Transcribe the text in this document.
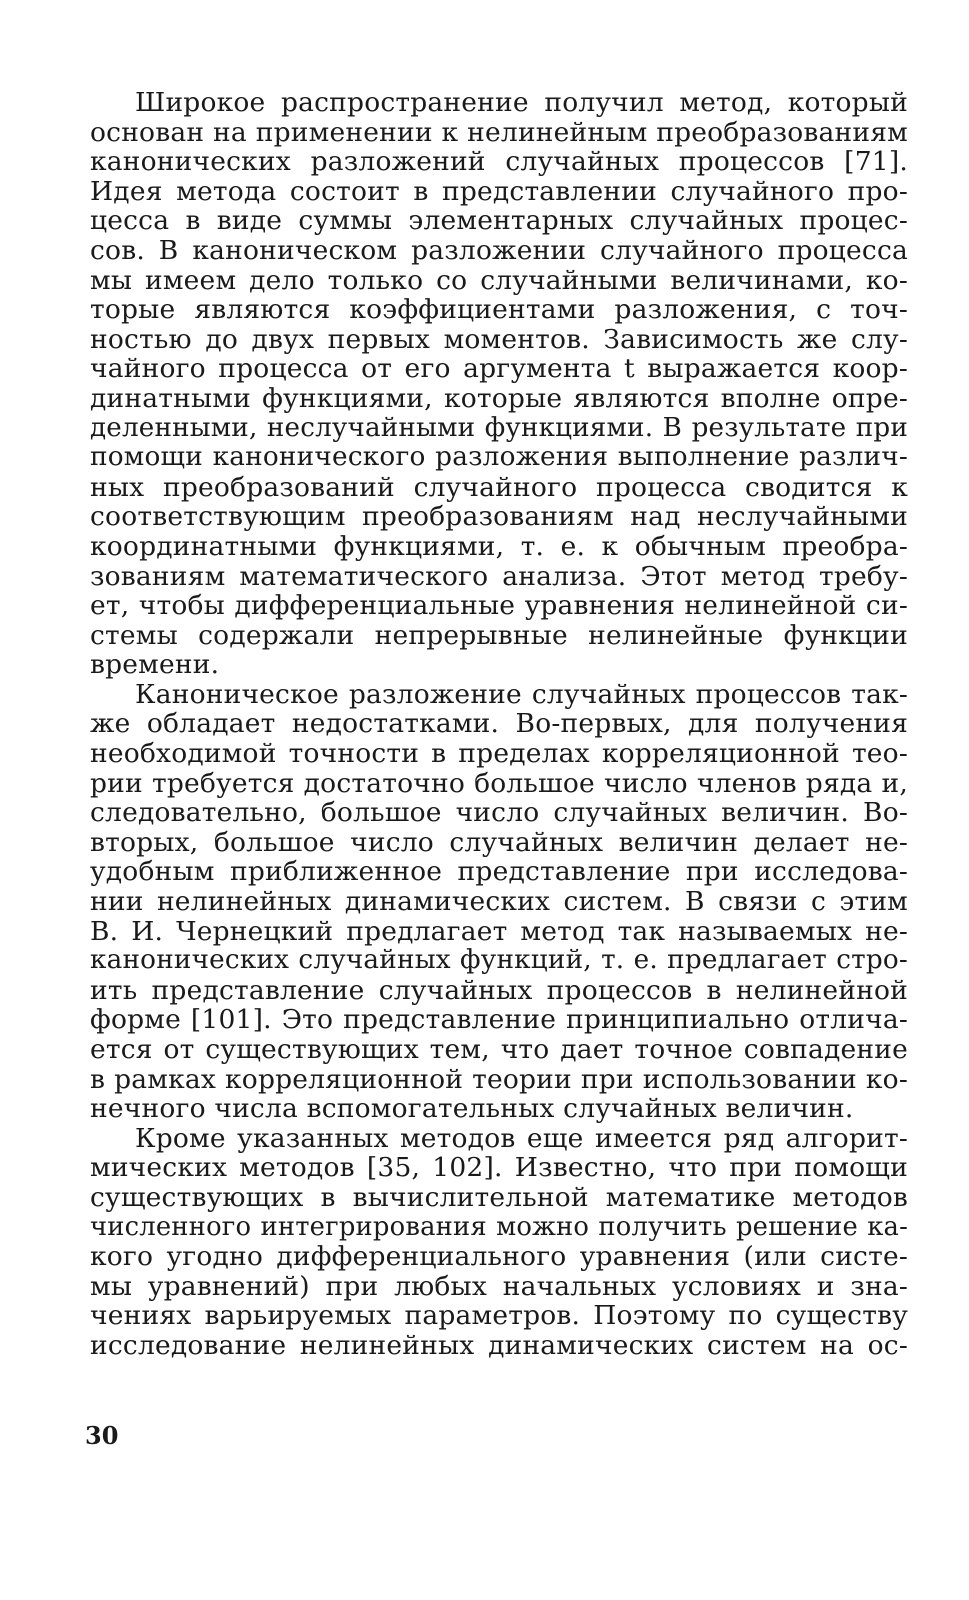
Широкое распространение получил метод, который
основан на применении к нелинейным преобразованиям
канонических разложений случайных процессов [71].
Идея метода состоит в представлении случайного про-
цесса в виде суммы элементарных случайных процес-
сов. В каноническом разложении случайного процесса
мы имеем дело только со случайными величинами, ко-
торые являются коэффициентами разложения, с точ-
ностью до двух первых моментов. Зависимость же слу-
чайного процесса от его аргумента t выражается коор-
динатными функциями, которые являются вполне опре-
деленными, неслучайными функциями. В результате при
помощи канонического разложения выполнение различ-
ных преобразований случайного процесса сводится к
соответствующим преобразованиям над неслучайными
координатными функциями, т. е. к обычным преобра-
зованиям математического анализа. Этот метод требу-
ет, чтобы дифференциальные уравнения нелинейной си-
стемы содержали непрерывные нелинейные функции
времени.
Каноническое разложение случайных процессов так-
же обладает недостатками. Во-первых, для получения
необходимой точности в пределах корреляционной тео-
рии требуется достаточно большое число членов ряда и,
следовательно, большое число случайных величин. Во-
вторых, большое число случайных величин делает не-
удобным приближенное представление при исследова-
нии нелинейных динамических систем. В связи с этим
В. И. Чернецкий предлагает метод так называемых не-
канонических случайных функций, т. е. предлагает стро-
ить представление случайных процессов в нелинейной
форме [101]. Это представление принципиально отлича-
ется от существующих тем, что дает точное совпадение
в рамках корреляционной теории при использовании ко-
нечного числа вспомогательных случайных величин.
Кроме указанных методов еще имеется ряд алгорит-
мических методов [35, 102]. Известно, что при помощи
существующих в вычислительной математике методов
численного интегрирования можно получить решение ка-
кого угодно дифференциального уравнения (или систе-
мы уравнений) при любых начальных условиях и зна-
чениях варьируемых параметров. Поэтому по существу
исследование нелинейных динамических систем на ос-
30
